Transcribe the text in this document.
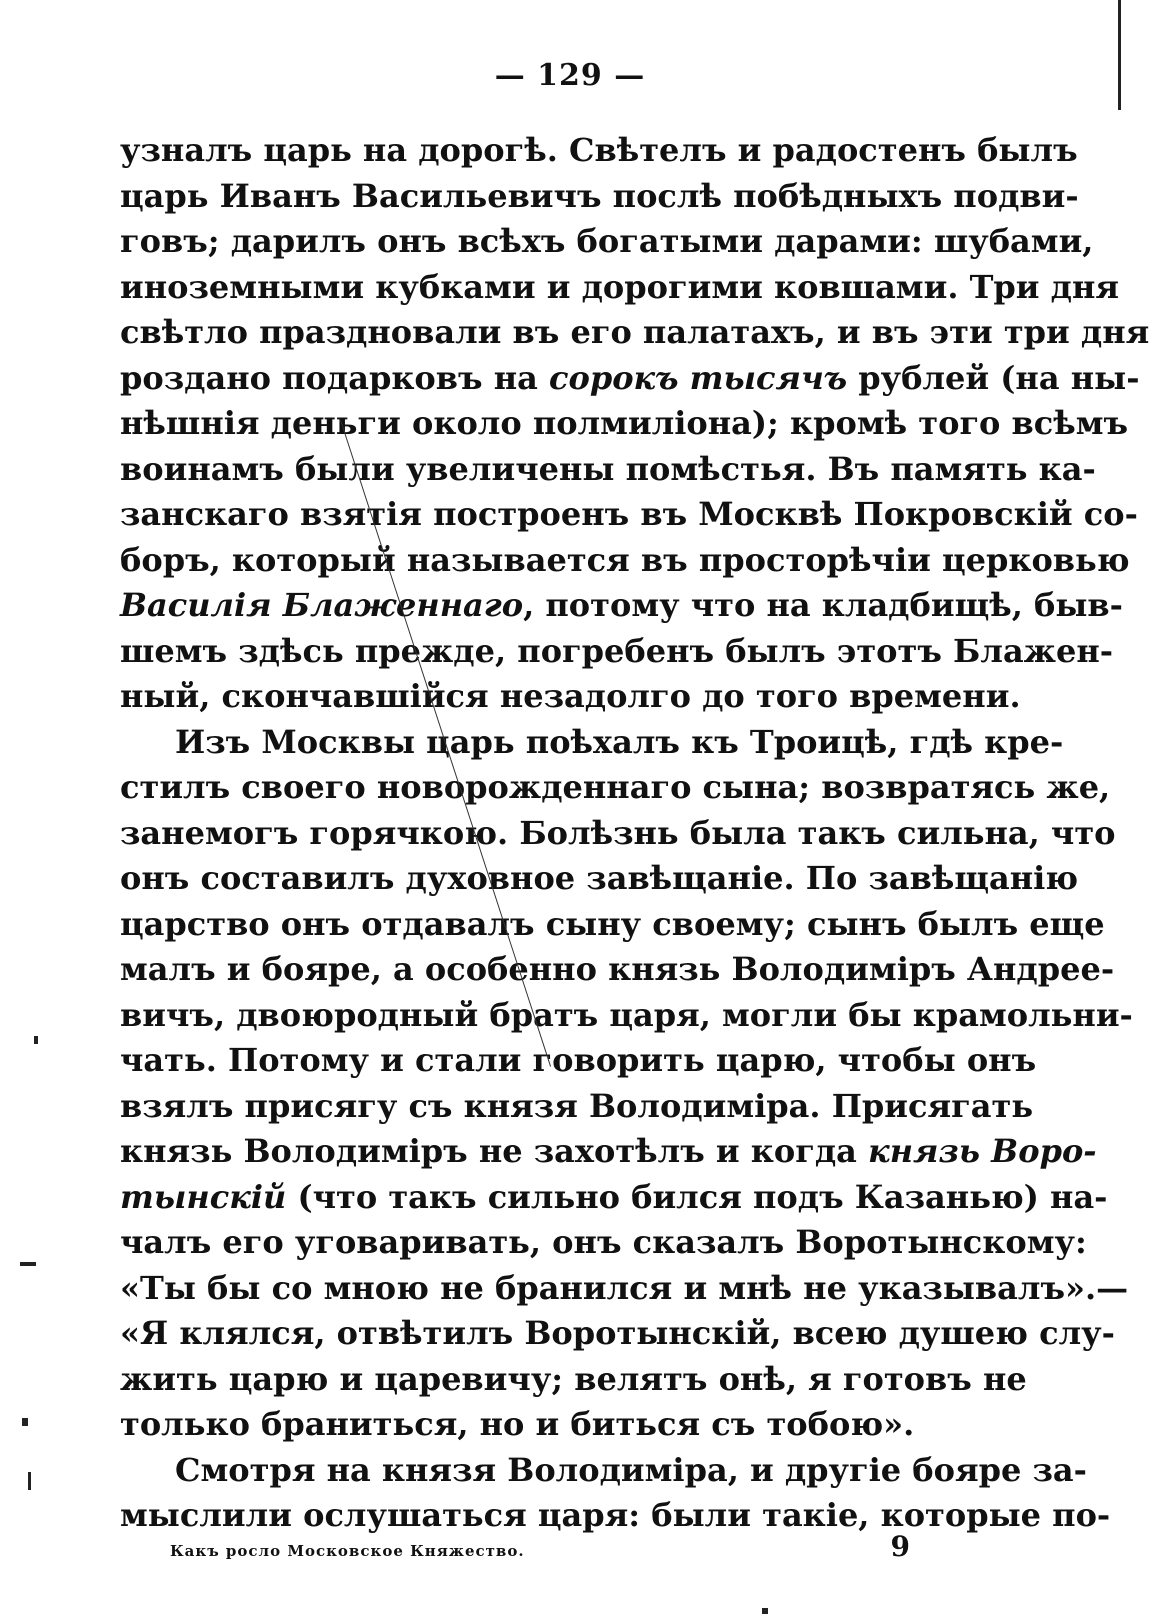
— 129 —
узналъ царь на дорогѣ. Свѣтелъ и радостенъ былъ
царь Иванъ Васильевичъ послѣ побѣдныхъ подви-
говъ; дарилъ онъ всѣхъ богатыми дарами: шубами,
иноземными кубками и дорогими ковшами. Три дня
свѣтло праздновали въ его палатахъ, и въ эти три дня
роздано подарковъ на сорокъ тысячъ рублей (на ны-
нѣшнія деньги около полмиліона); кромѣ того всѣмъ
воинамъ были увеличены помѣстья. Въ память ка-
занскаго взятія построенъ въ Москвѣ Покровскій со-
боръ, который называется въ просторѣчіи церковью
Василія Блаженнаго, потому что на кладбищѣ, быв-
шемъ здѣсь прежде, погребенъ былъ этотъ Блажен-
ный, скончавшійся незадолго до того времени.
Изъ Москвы царь поѣхалъ къ Троицѣ, гдѣ кре-
стилъ своего новорожденнаго сына; возвратясь же,
занемогъ горячкою. Болѣзнь была такъ сильна, что
онъ составилъ духовное завѣщаніе. По завѣщанію
царство онъ отдавалъ сыну своему; сынъ былъ еще
малъ и бояре, а особенно князь Володиміръ Андрее-
вичъ, двоюродный братъ царя, могли бы крамольни-
чать. Потому и стали говорить царю, чтобы онъ
взялъ присягу съ князя Володиміра. Присягать
князь Володиміръ не захотѣлъ и когда князь Воро-
тынскій (что такъ сильно бился подъ Казанью) на-
чалъ его уговаривать, онъ сказалъ Воротынскому:
«Ты бы со мною не бранился и мнѣ не указывалъ».—
«Я клялся, отвѣтилъ Воротынскій, всею душею слу-
жить царю и царевичу; велятъ онѣ, я готовъ не
только браниться, но и биться съ тобою».
Смотря на князя Володиміра, и другіе бояре за-
мыслили ослушаться царя: были такіе, которые по-
Какъ росло Московское Княжество.	9
